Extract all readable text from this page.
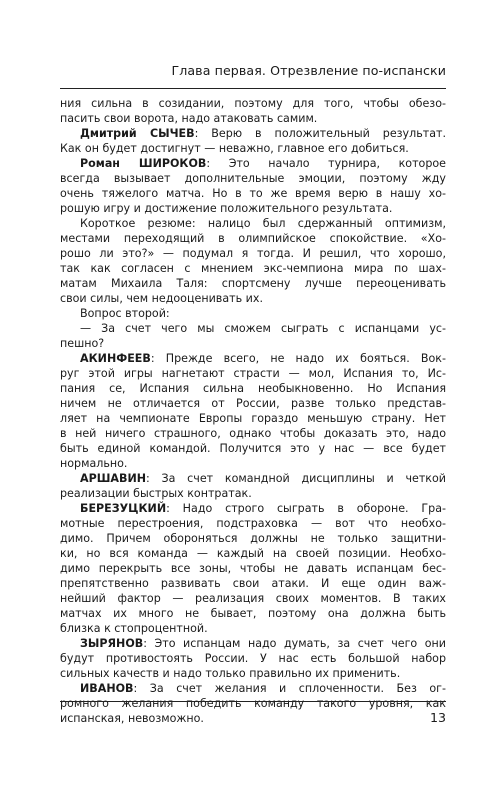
Глава первая. Отрезвление по-испански

ния сильна в созидании, поэтому для того, чтобы обезо-
пасить свои ворота, надо атаковать самим.

Дмитрий СЫЧЕВ: Верю в положительный результат.
Как он будет достигнут — неважно, главное его добиться.

Роман ШИРОКОВ: Это начало турнира, которое
всегда вызывает дополнительные эмоции, поэтому жду
очень тяжелого матча. Но в то же время верю в нашу хо-
рошую игру и достижение положительного результата.

Короткое резюме: налицо был сдержанный оптимизм,
местами переходящий в олимпийское спокойствие. «Хо-
рошо ли это?» — подумал я тогда. И решил, что хорошо,
так как согласен с мнением экс-чемпиона мира по шах-
матам Михаила Таля: спортсмену лучше переоценивать
свои силы, чем недооценивать их.

Вопрос второй:

— За счет чего мы сможем сыграть с испанцами ус-
пешно?

АКИНФЕЕВ: Прежде всего, не надо их бояться. Вок-
руг этой игры нагнетают страсти — мол, Испания то, Ис-
пания се, Испания сильна необыкновенно. Но Испания
ничем не отличается от России, разве только представ-
ляет на чемпионате Европы гораздо меньшую страну. Нет
в ней ничего страшного, однако чтобы доказать это, надо
быть единой командой. Получится это у нас — все будет
нормально.

АРШАВИН: За счет командной дисциплины и четкой
реализации быстрых контратак.

БЕРЕЗУЦКИЙ: Надо строго сыграть в обороне. Гра-
мотные перестроения, подстраховка — вот что необхо-
димо. Причем обороняться должны не только защитни-
ки, но вся команда — каждый на своей позиции. Необхо-
димо перекрыть все зоны, чтобы не давать испанцам бес-
препятственно развивать свои атаки. И еще один важ-
нейший фактор — реализация своих моментов. В таких
матчах их много не бывает, поэтому она должна быть
близка к стопроцентной.

ЗЫРЯНОВ: Это испанцам надо думать, за счет чего они
будут противостоять России. У нас есть большой набор
сильных качеств и надо только правильно их применить.

ИВАНОВ: За счет желания и сплоченности. Без ог-
ромного желания победить команду такого уровня, как
испанская, невозможно.	13
